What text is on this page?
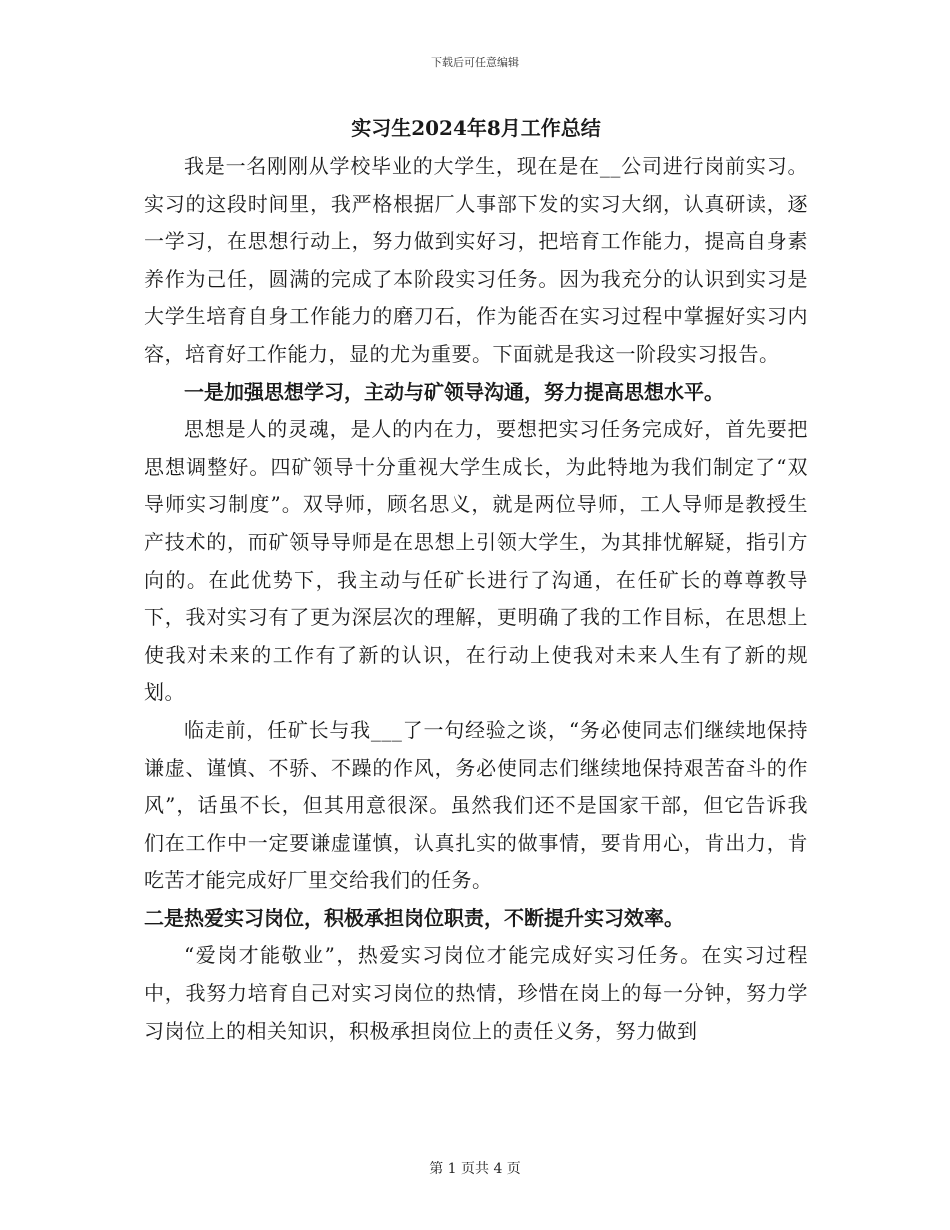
下载后可任意编辑
实习生2024年8月工作总结

我是一名刚刚从学校毕业的大学生，现在是在__公司进行岗前实习。实习的这段时间里，我严格根据厂人事部下发的实习大纲，认真研读，逐一学习，在思想行动上，努力做到实好习，把培育工作能力，提高自身素养作为己任，圆满的完成了本阶段实习任务。因为我充分的认识到实习是大学生培育自身工作能力的磨刀石，作为能否在实习过程中掌握好实习内容，培育好工作能力，显的尤为重要。下面就是我这一阶段实习报告。

一是加强思想学习，主动与矿领导沟通，努力提高思想水平。

思想是人的灵魂，是人的内在力，要想把实习任务完成好，首先要把思想调整好。四矿领导十分重视大学生成长，为此特地为我们制定了“双导师实习制度”。双导师，顾名思义，就是两位导师，工人导师是教授生产技术的，而矿领导导师是在思想上引领大学生，为其排忧解疑，指引方向的。在此优势下，我主动与任矿长进行了沟通，在任矿长的尊尊教导下，我对实习有了更为深层次的理解，更明确了我的工作目标，在思想上使我对未来的工作有了新的认识，在行动上使我对未来人生有了新的规划。

临走前，任矿长与我___了一句经验之谈，“务必使同志们继续地保持谦虚、谨慎、不骄、不躁的作风，务必使同志们继续地保持艰苦奋斗的作风”，话虽不长，但其用意很深。虽然我们还不是国家干部，但它告诉我们在工作中一定要谦虚谨慎，认真扎实的做事情，要肯用心，肯出力，肯吃苦才能完成好厂里交给我们的任务。

二是热爱实习岗位，积极承担岗位职责，不断提升实习效率。

“爱岗才能敬业”，热爱实习岗位才能完成好实习任务。在实习过程中，我努力培育自己对实习岗位的热情，珍惜在岗上的每一分钟，努力学习岗位上的相关知识，积极承担岗位上的责任义务，努力做到

第 1 页共 4 页
